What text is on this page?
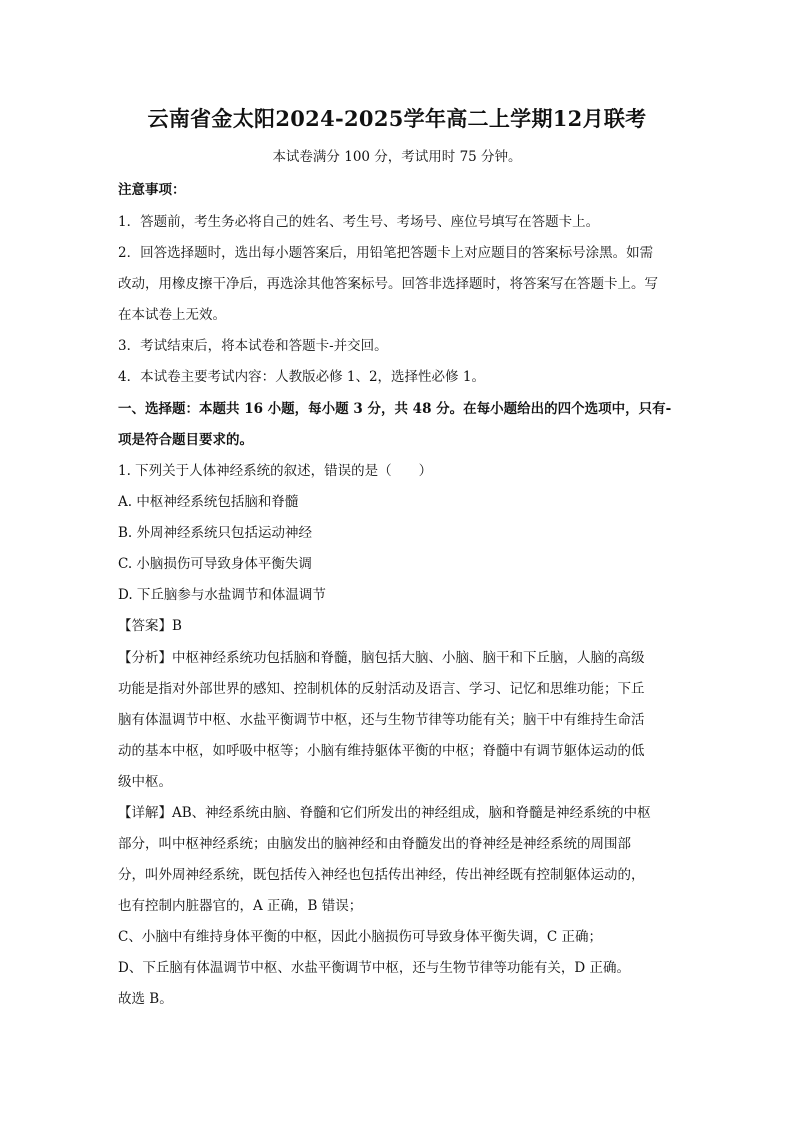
云南省金太阳2024-2025学年高二上学期12月联考
本试卷满分 100 分，考试用时 75 分钟。
注意事项：
1．答题前，考生务必将自己的姓名、考生号、考场号、座位号填写在答题卡上。
2．回答选择题时，选出每小题答案后，用铅笔把答题卡上对应题目的答案标号涂黑。如需
改动，用橡皮擦干净后，再选涂其他答案标号。回答非选择题时，将答案写在答题卡上。写
在本试卷上无效。
3．考试结束后，将本试卷和答题卡-并交回。
4．本试卷主要考试内容：人教版必修 1、2，选择性必修 1。
一、选择题：本题共 16 小题，每小题 3 分，共 48 分。在每小题给出的四个选项中，只有-
项是符合题目要求的。
1. 下列关于人体神经系统的叙述，错误的是（　　）
A. 中枢神经系统包括脑和脊髓
B. 外周神经系统只包括运动神经
C. 小脑损伤可导致身体平衡失调
D. 下丘脑参与水盐调节和体温调节
【答案】B
【分析】中枢神经系统功包括脑和脊髓，脑包括大脑、小脑、脑干和下丘脑，人脑的高级
功能是指对外部世界的感知、控制机体的反射活动及语言、学习、记忆和思维功能；下丘
脑有体温调节中枢、水盐平衡调节中枢，还与生物节律等功能有关；脑干中有维持生命活
动的基本中枢，如呼吸中枢等；小脑有维持躯体平衡的中枢；脊髓中有调节躯体运动的低
级中枢。
【详解】AB、神经系统由脑、脊髓和它们所发出的神经组成，脑和脊髓是神经系统的中枢
部分，叫中枢神经系统；由脑发出的脑神经和由脊髓发出的脊神经是神经系统的周围部
分，叫外周神经系统，既包括传入神经也包括传出神经，传出神经既有控制躯体运动的，
也有控制内脏器官的，A 正确，B 错误；
C、小脑中有维持身体平衡的中枢，因此小脑损伤可导致身体平衡失调，C 正确；
D、下丘脑有体温调节中枢、水盐平衡调节中枢，还与生物节律等功能有关，D 正确。
故选 B。
